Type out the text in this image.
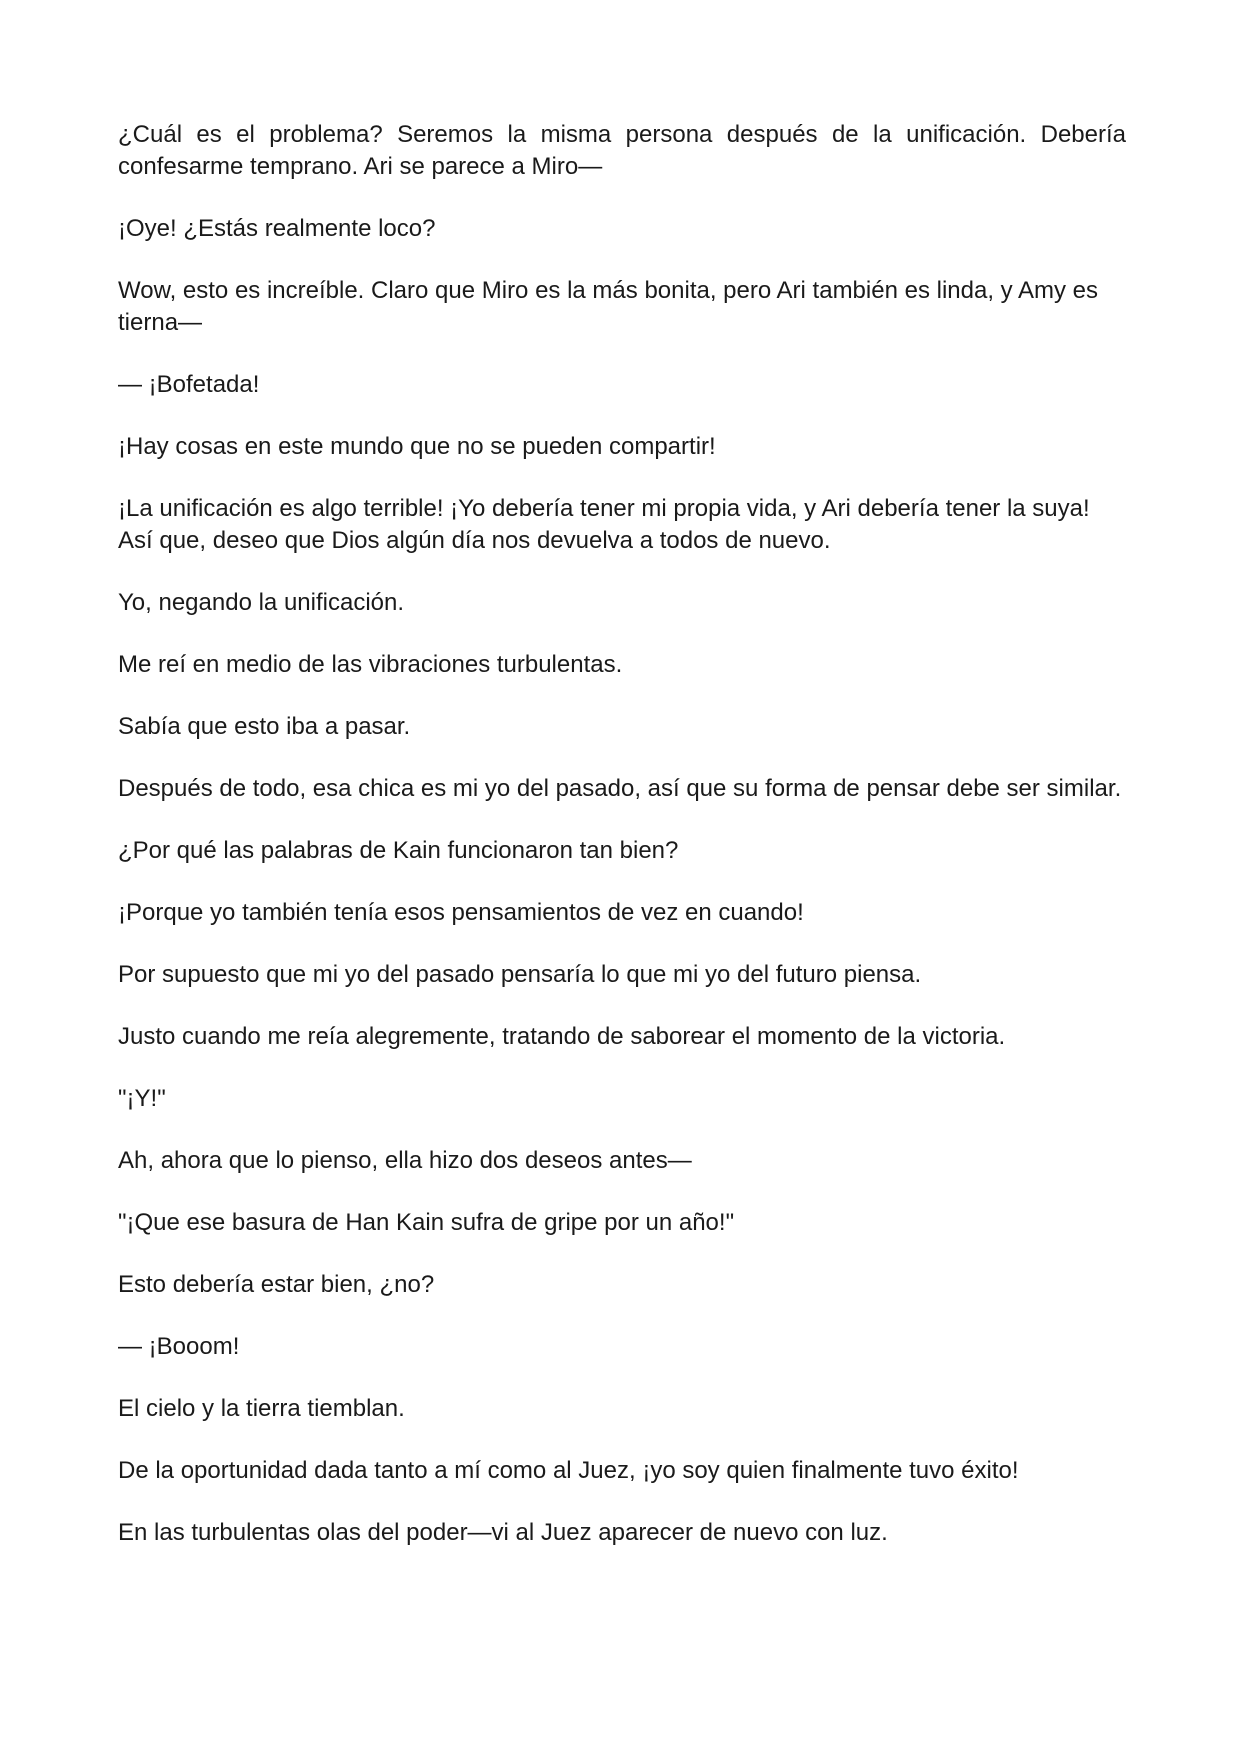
¿Cuál es el problema? Seremos la misma persona después de la unificación. Debería confesarme temprano. Ari se parece a Miro—

¡Oye! ¿Estás realmente loco?

Wow, esto es increíble. Claro que Miro es la más bonita, pero Ari también es linda, y Amy es tierna—

— ¡Bofetada!

¡Hay cosas en este mundo que no se pueden compartir!

¡La unificación es algo terrible! ¡Yo debería tener mi propia vida, y Ari debería tener la suya! Así que, deseo que Dios algún día nos devuelva a todos de nuevo.

Yo, negando la unificación.

Me reí en medio de las vibraciones turbulentas.

Sabía que esto iba a pasar.

Después de todo, esa chica es mi yo del pasado, así que su forma de pensar debe ser similar.

¿Por qué las palabras de Kain funcionaron tan bien?

¡Porque yo también tenía esos pensamientos de vez en cuando!

Por supuesto que mi yo del pasado pensaría lo que mi yo del futuro piensa.

Justo cuando me reía alegremente, tratando de saborear el momento de la victoria.

"¡Y!"

Ah, ahora que lo pienso, ella hizo dos deseos antes—

"¡Que ese basura de Han Kain sufra de gripe por un año!"

Esto debería estar bien, ¿no?

— ¡Booom!

El cielo y la tierra tiemblan.

De la oportunidad dada tanto a mí como al Juez, ¡yo soy quien finalmente tuvo éxito!

En las turbulentas olas del poder—vi al Juez aparecer de nuevo con luz.
